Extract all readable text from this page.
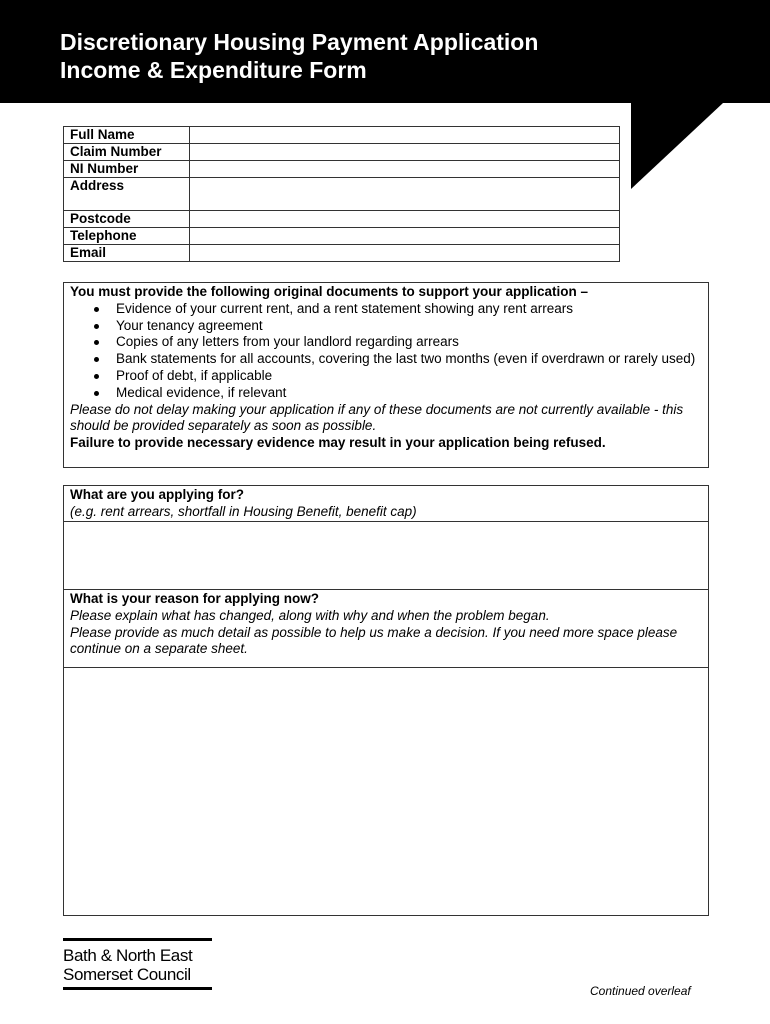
Discretionary Housing Payment Application
Income & Expenditure Form
Full Name	
Claim Number	
NI Number	
Address	
Postcode	
Telephone	
Email	
You must provide the following original documents to support your application –
Evidence of your current rent, and a rent statement showing any rent arrears
Your tenancy agreement
Copies of any letters from your landlord regarding arrears
Bank statements for all accounts, covering the last two months (even if overdrawn or rarely used)
Proof of debt, if applicable
Medical evidence, if relevant
Please do not delay making your application if any of these documents are not currently available - this should be provided separately as soon as possible.
Failure to provide necessary evidence may result in your application being refused.
What are you applying for?
(e.g. rent arrears, shortfall in Housing Benefit, benefit cap)
What is your reason for applying now?
Please explain what has changed, along with why and when the problem began.
Please provide as much detail as possible to help us make a decision. If you need more space please continue on a separate sheet.
Bath & North East
Somerset Council
Continued overleaf
